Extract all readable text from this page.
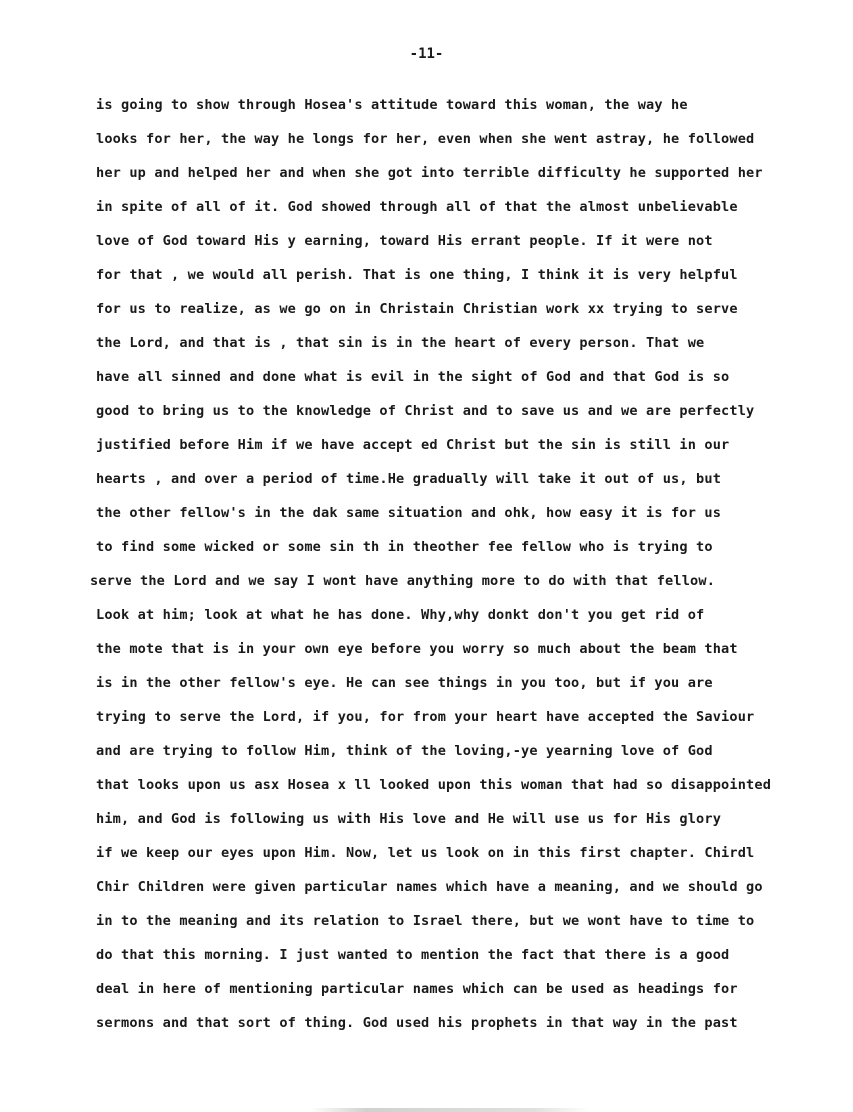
-11-
is going to show through Hosea's attitude toward this woman, the way he
looks for her, the way he longs for her, even when she went astray, he followed
her up and helped her and when she got into terrible difficulty he supported her
in spite of all of it. God showed through all of that the almost unbelievable
love of God toward His y earning, toward His errant people. If it were not
for that , we would all perish. That is one thing, I think it is very helpful
for us to realize, as we go on in Christain Christian work xx trying to serve
the Lord, and that is , that sin is in the heart of every person. That we
have all sinned and done what is evil in the sight of God and that God is so
good to bring us to the knowledge of Christ and to save us and we are perfectly
justified before Him if we have accept ed Christ but the sin is still in our
hearts , and over a period of time.He gradually will take it out of us, but
the other fellow's in the dak same situation and ohk, how easy it is for us
to find some wicked or some sin th in theother fee fellow who is trying to
serve the Lord and we say I wont have anything more to do with that fellow.
Look at him; look at what he has done. Why,why donkt don't you get rid of
the mote that is in your own eye before you worry so much about the beam that
is in the other fellow's eye. He can see things in you too, but if you are
trying to serve the Lord, if you, for from your heart have accepted the Saviour
and are trying to follow Him, think of the loving,-ye yearning love of God
that looks upon us asx Hosea x ll looked upon this woman that had so disappointed
him, and God is following us with His love and He will use us for His glory
if we keep our eyes upon Him. Now, let us look on in this first chapter. Chirdl
Chir Children were given particular names which have a meaning, and we should go
in to the meaning and its relation to Israel there, but we wont have to time to
do that this morning. I just wanted to mention the fact that there is a good
deal in here of mentioning particular names which can be used as headings for
sermons and that sort of thing. God used his prophets in that way in the past
